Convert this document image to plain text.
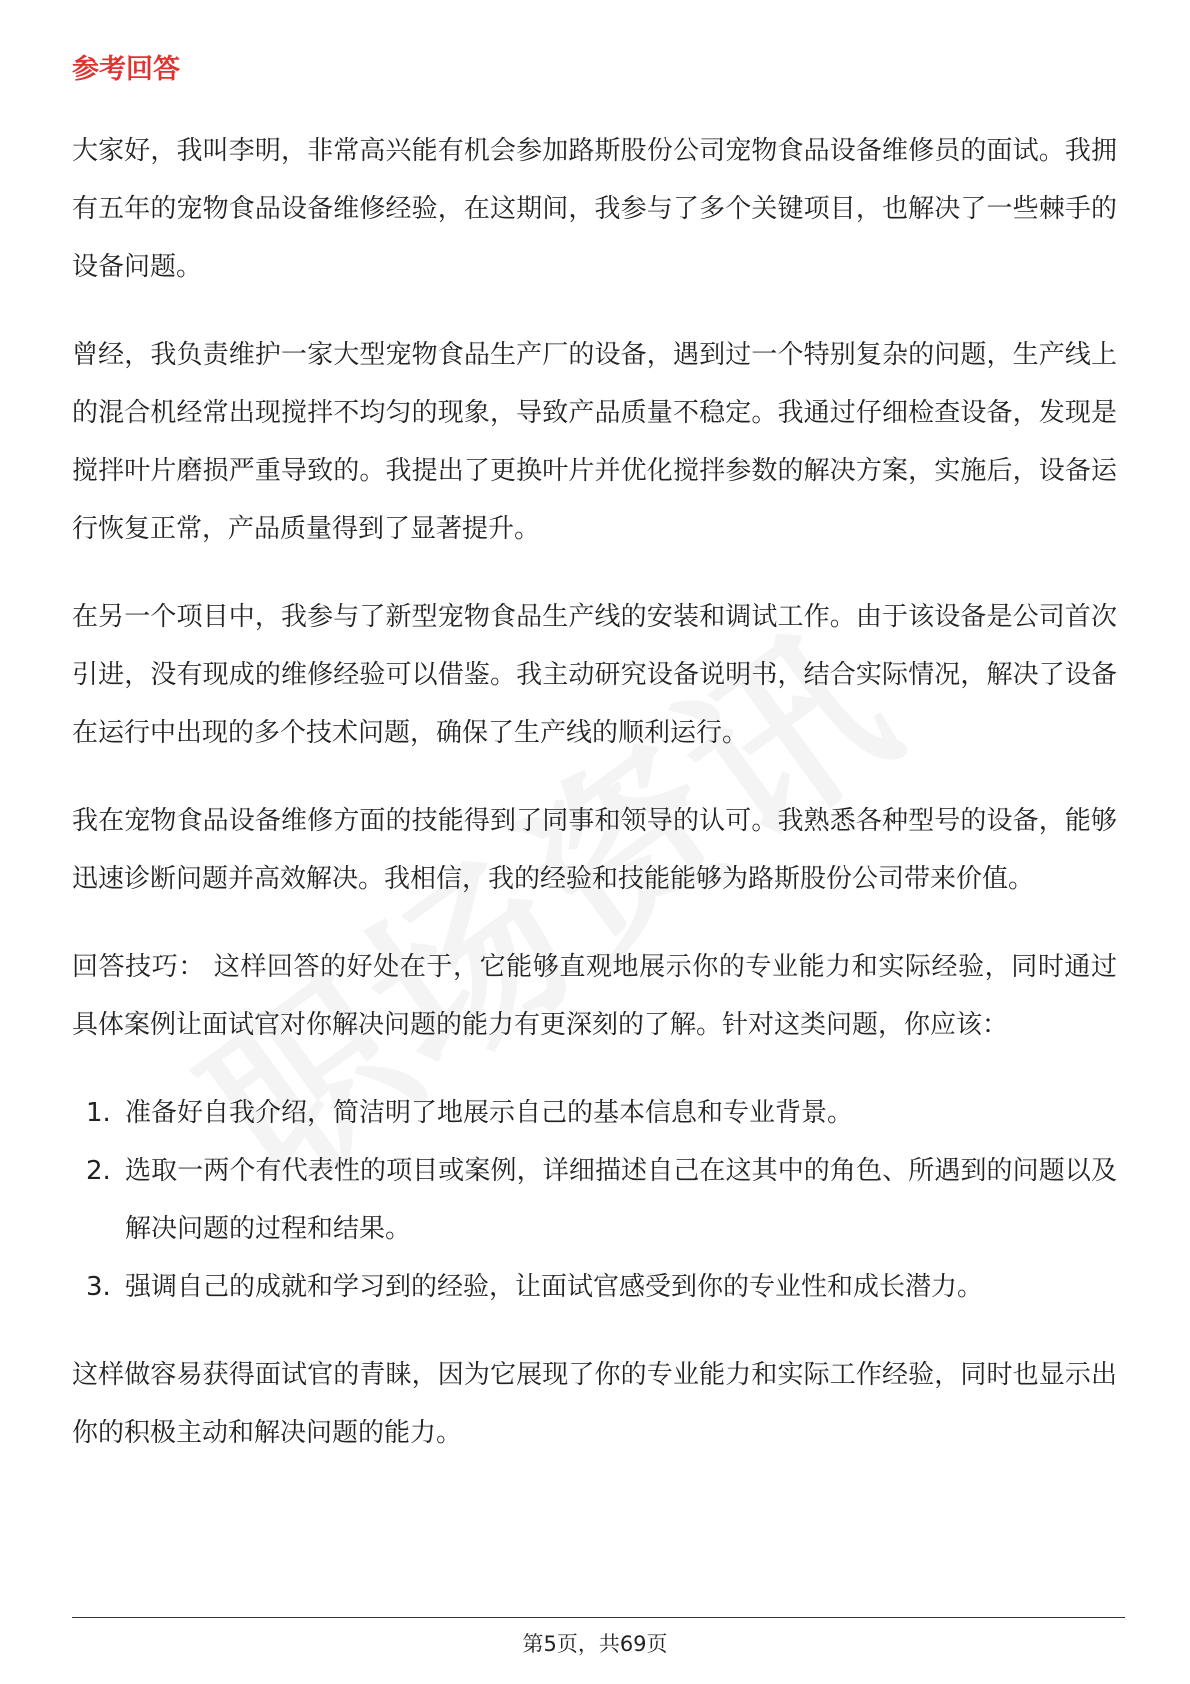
参考回答

大家好，我叫李明，非常高兴能有机会参加路斯股份公司宠物食品设备维修员的面试。我拥有五年的宠物食品设备维修经验，在这期间，我参与了多个关键项目，也解决了一些棘手的设备问题。

曾经，我负责维护一家大型宠物食品生产厂的设备，遇到过一个特别复杂的问题，生产线上的混合机经常出现搅拌不均匀的现象，导致产品质量不稳定。我通过仔细检查设备，发现是搅拌叶片磨损严重导致的。我提出了更换叶片并优化搅拌参数的解决方案，实施后，设备运行恢复正常，产品质量得到了显著提升。

在另一个项目中，我参与了新型宠物食品生产线的安装和调试工作。由于该设备是公司首次引进，没有现成的维修经验可以借鉴。我主动研究设备说明书，结合实际情况，解决了设备在运行中出现的多个技术问题，确保了生产线的顺利运行。

我在宠物食品设备维修方面的技能得到了同事和领导的认可。我熟悉各种型号的设备，能够迅速诊断问题并高效解决。我相信，我的经验和技能能够为路斯股份公司带来价值。

回答技巧： 这样回答的好处在于，它能够直观地展示你的专业能力和实际经验，同时通过具体案例让面试官对你解决问题的能力有更深刻的了解。针对这类问题，你应该：

1. 准备好自我介绍，简洁明了地展示自己的基本信息和专业背景。
2. 选取一两个有代表性的项目或案例，详细描述自己在这其中的角色、所遇到的问题以及解决问题的过程和结果。
3. 强调自己的成就和学习到的经验，让面试官感受到你的专业性和成长潜力。

这样做容易获得面试官的青睐，因为它展现了你的专业能力和实际工作经验，同时也显示出你的积极主动和解决问题的能力。

第5页，共69页
